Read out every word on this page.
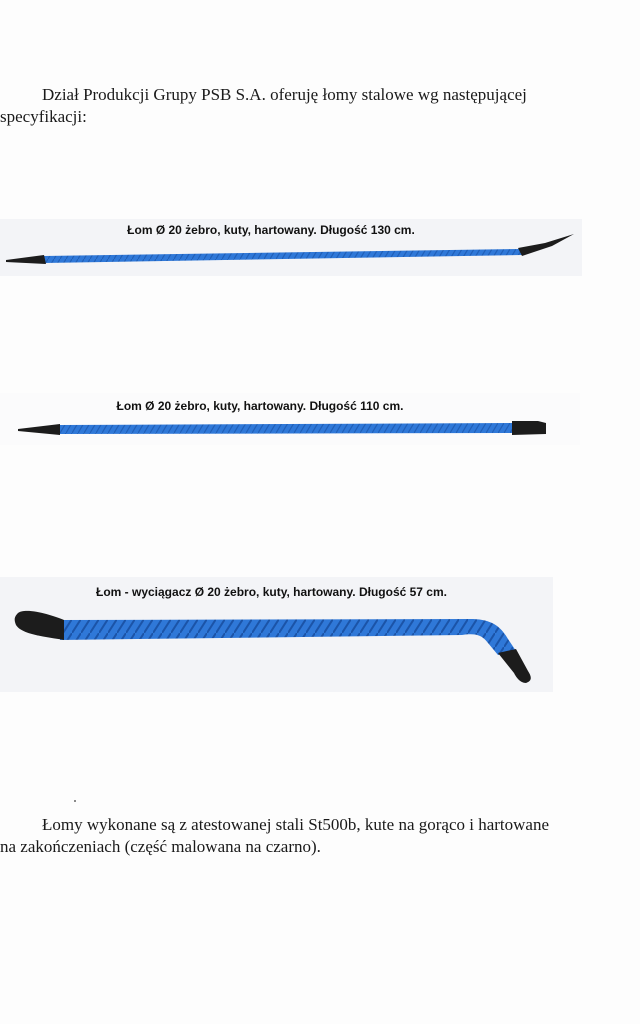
Dział Produkcji Grupy PSB S.A. oferuję łomy stalowe wg następującej specyfikacji:

Łom Ø 20 żebro, kuty, hartowany. Długość 130 cm.
Łom Ø 20 żebro, kuty, hartowany. Długość 110 cm.
Łom - wyciągacz Ø 20 żebro, kuty, hartowany. Długość 57 cm.

Łomy wykonane są z atestowanej stali St500b, kute na gorąco i hartowane na zakończeniach (część malowana na czarno).
